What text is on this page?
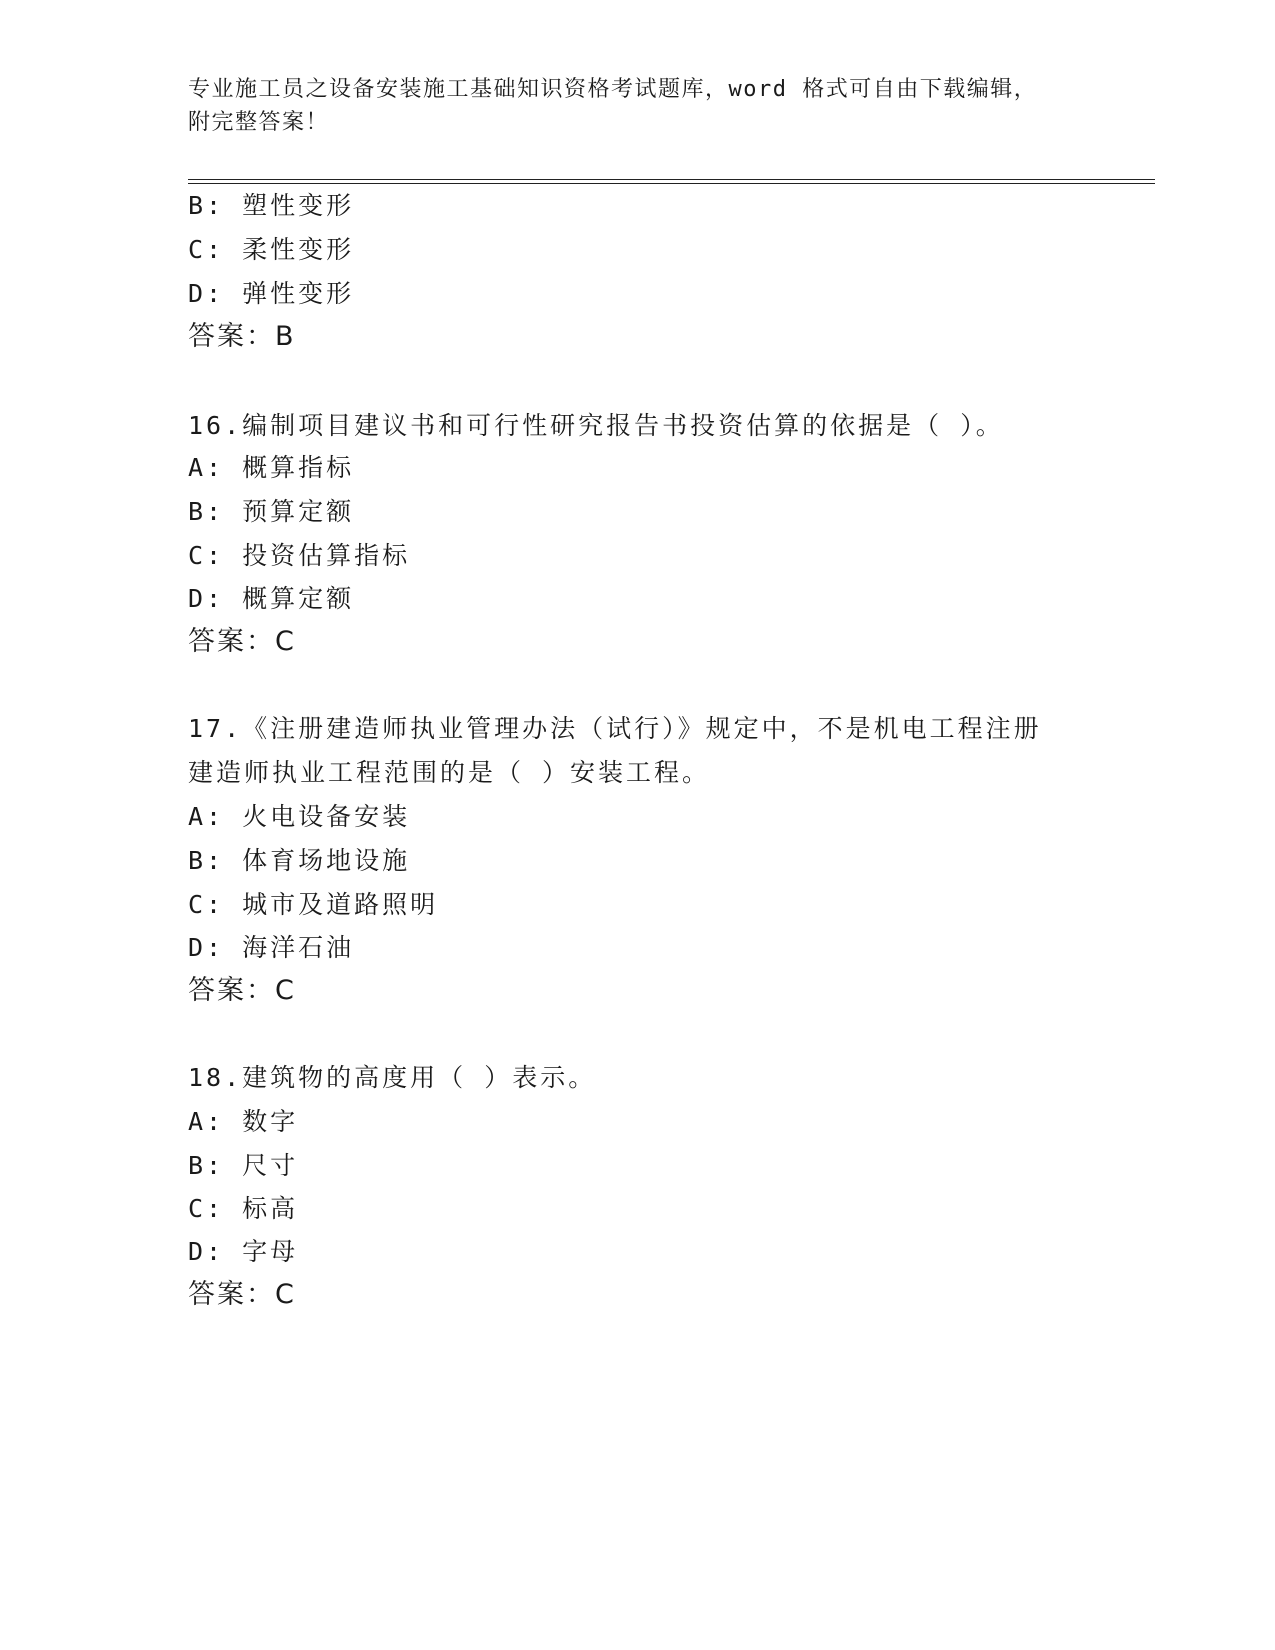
专业施工员之设备安装施工基础知识资格考试题库，word 格式可自由下载编辑，
附完整答案！
B: 塑性变形
C: 柔性变形
D: 弹性变形
答案：B
16.编制项目建议书和可行性研究报告书投资估算的依据是（ ）。
A: 概算指标
B: 预算定额
C: 投资估算指标
D: 概算定额
答案：C
17.《注册建造师执业管理办法（试行）》规定中，不是机电工程注册
建造师执业工程范围的是（ ）安装工程。
A: 火电设备安装
B: 体育场地设施
C: 城市及道路照明
D: 海洋石油
答案：C
18.建筑物的高度用（ ）表示。
A: 数字
B: 尺寸
C: 标高
D: 字母
答案：C
